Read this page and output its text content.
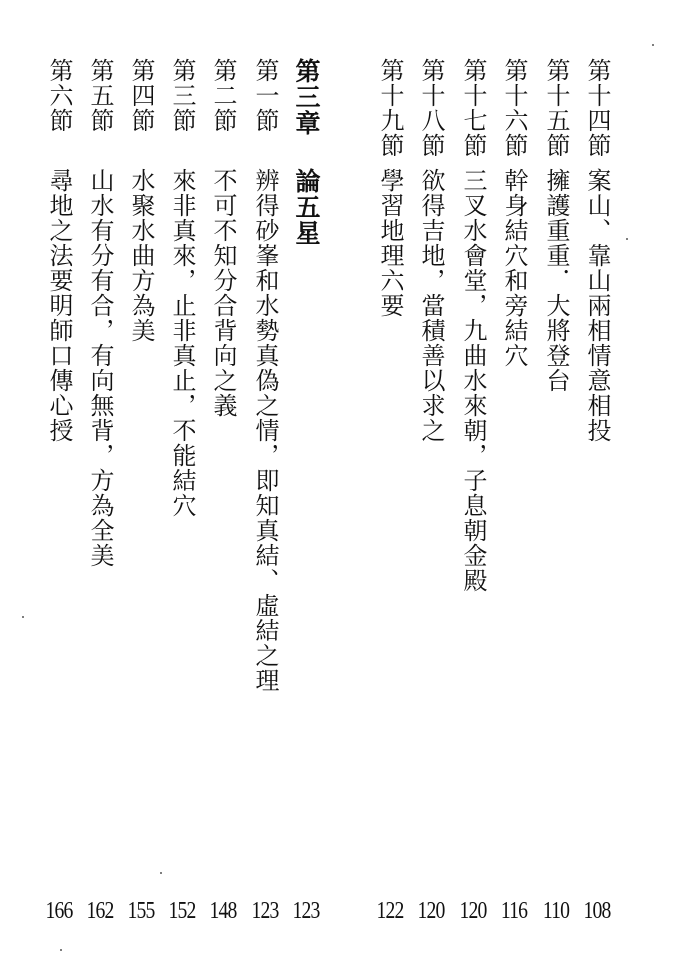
第十四節案山、靠山兩相情意相投
第十五節擁護重重．大將登台
第十六節幹身結穴和旁結穴
第十七節三叉水會堂，九曲水來朝，子息朝金殿
第十八節欲得吉地，當積善以求之
第十九節學習地理六要
第三章論五星
第一節辨得砂峯和水勢真偽之情，即知真結、虛結之理
第二節不可不知分合背向之義
第三節來非真來，止非真止，不能結穴
第四節水聚水曲方為美
第五節山水有分有合，有向無背，方為全美
第六節尋地之法要明師口傳心授
108
110
116
120
120
122
123
123
148
152
155
162
166
